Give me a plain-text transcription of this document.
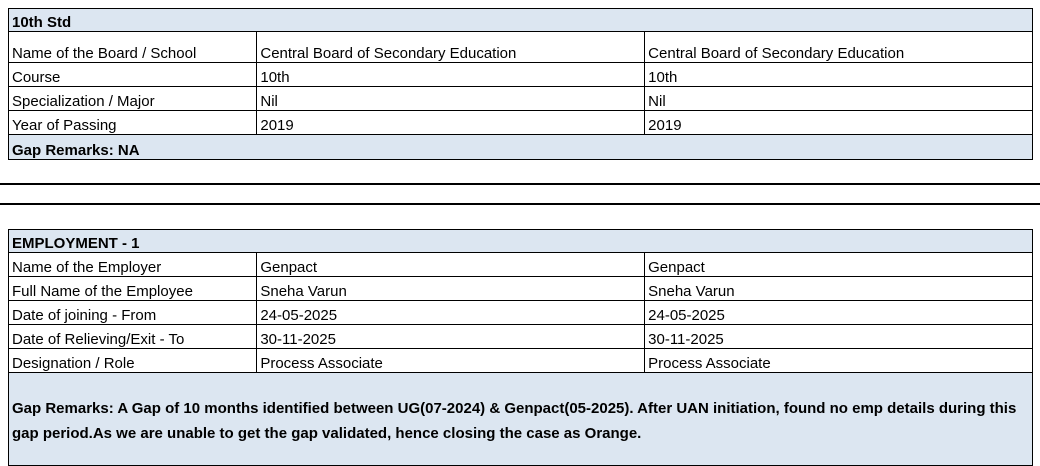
10th Std		
Name of the Board / School	Central Board of Secondary Education	Central Board of Secondary Education
Course	10th	10th
Specialization / Major	Nil	Nil
Year of Passing	2019	2019
Gap Remarks: NA		
EMPLOYMENT - 1		
Name of the Employer	Genpact	Genpact
Full Name of the Employee	Sneha Varun	Sneha Varun
Date of joining - From	24-05-2025	24-05-2025
Date of Relieving/Exit - To	30-11-2025	30-11-2025
Designation / Role	Process Associate	Process Associate
Gap Remarks: A Gap of 10 months identified between UG(07-2024) & Genpact(05-2025). After UAN initiation, found no emp details during this gap period.As we are unable to get the gap validated, hence closing the case as Orange.		
